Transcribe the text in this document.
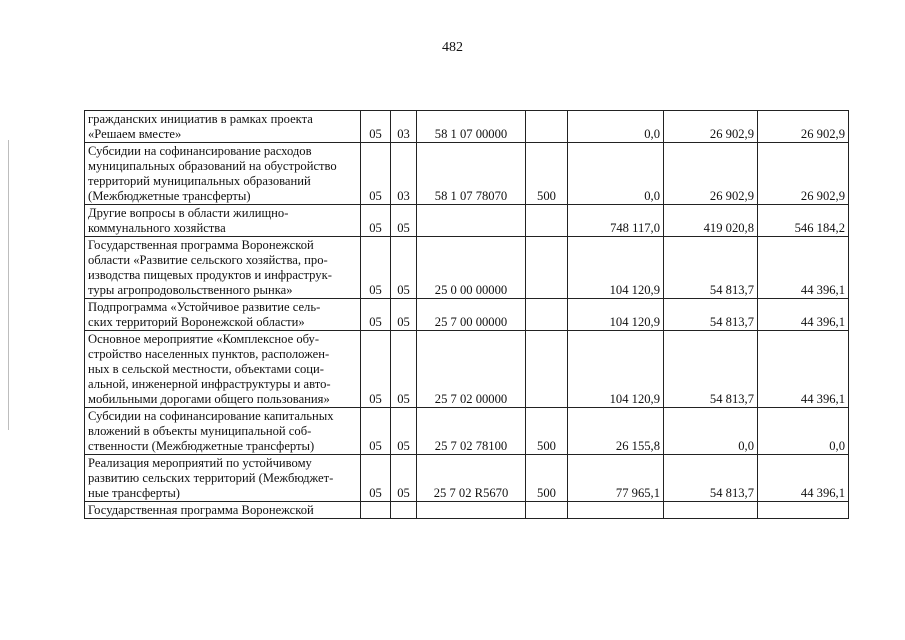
482
гражданских инициатив в рамках проекта
«Решаем вместе»	05	03	58 1 07 00000		0,0	26 902,9	26 902,9

Субсидии на софинансирование расходов
муниципальных образований на обустройство
территорий муниципальных образований
(Межбюджетные трансферты)	05	03	58 1 07 78070	500	0,0	26 902,9	26 902,9

Другие вопросы в области жилищно-
коммунального хозяйства	05	05			748 117,0	419 020,8	546 184,2

Государственная программа Воронежской
области «Развитие сельского хозяйства, про-
изводства пищевых продуктов и инфраструк-
туры агропродовольственного рынка»	05	05	25 0 00 00000		104 120,9	54 813,7	44 396,1

Подпрограмма «Устойчивое развитие сель-
ских территорий Воронежской области»	05	05	25 7 00 00000		104 120,9	54 813,7	44 396,1

Основное мероприятие «Комплексное обу-
стройство населенных пунктов, расположен-
ных в сельской местности, объектами соци-
альной, инженерной инфраструктуры и авто-
мобильными дорогами общего пользования»	05	05	25 7 02 00000		104 120,9	54 813,7	44 396,1

Субсидии на софинансирование капитальных
вложений в объекты муниципальной соб-
ственности (Межбюджетные трансферты)	05	05	25 7 02 78100	500	26 155,8	0,0	0,0

Реализация мероприятий по устойчивому
развитию сельских территорий (Межбюджет-
ные трансферты)	05	05	25 7 02 R5670	500	77 965,1	54 813,7	44 396,1

Государственная программа Воронежской							
